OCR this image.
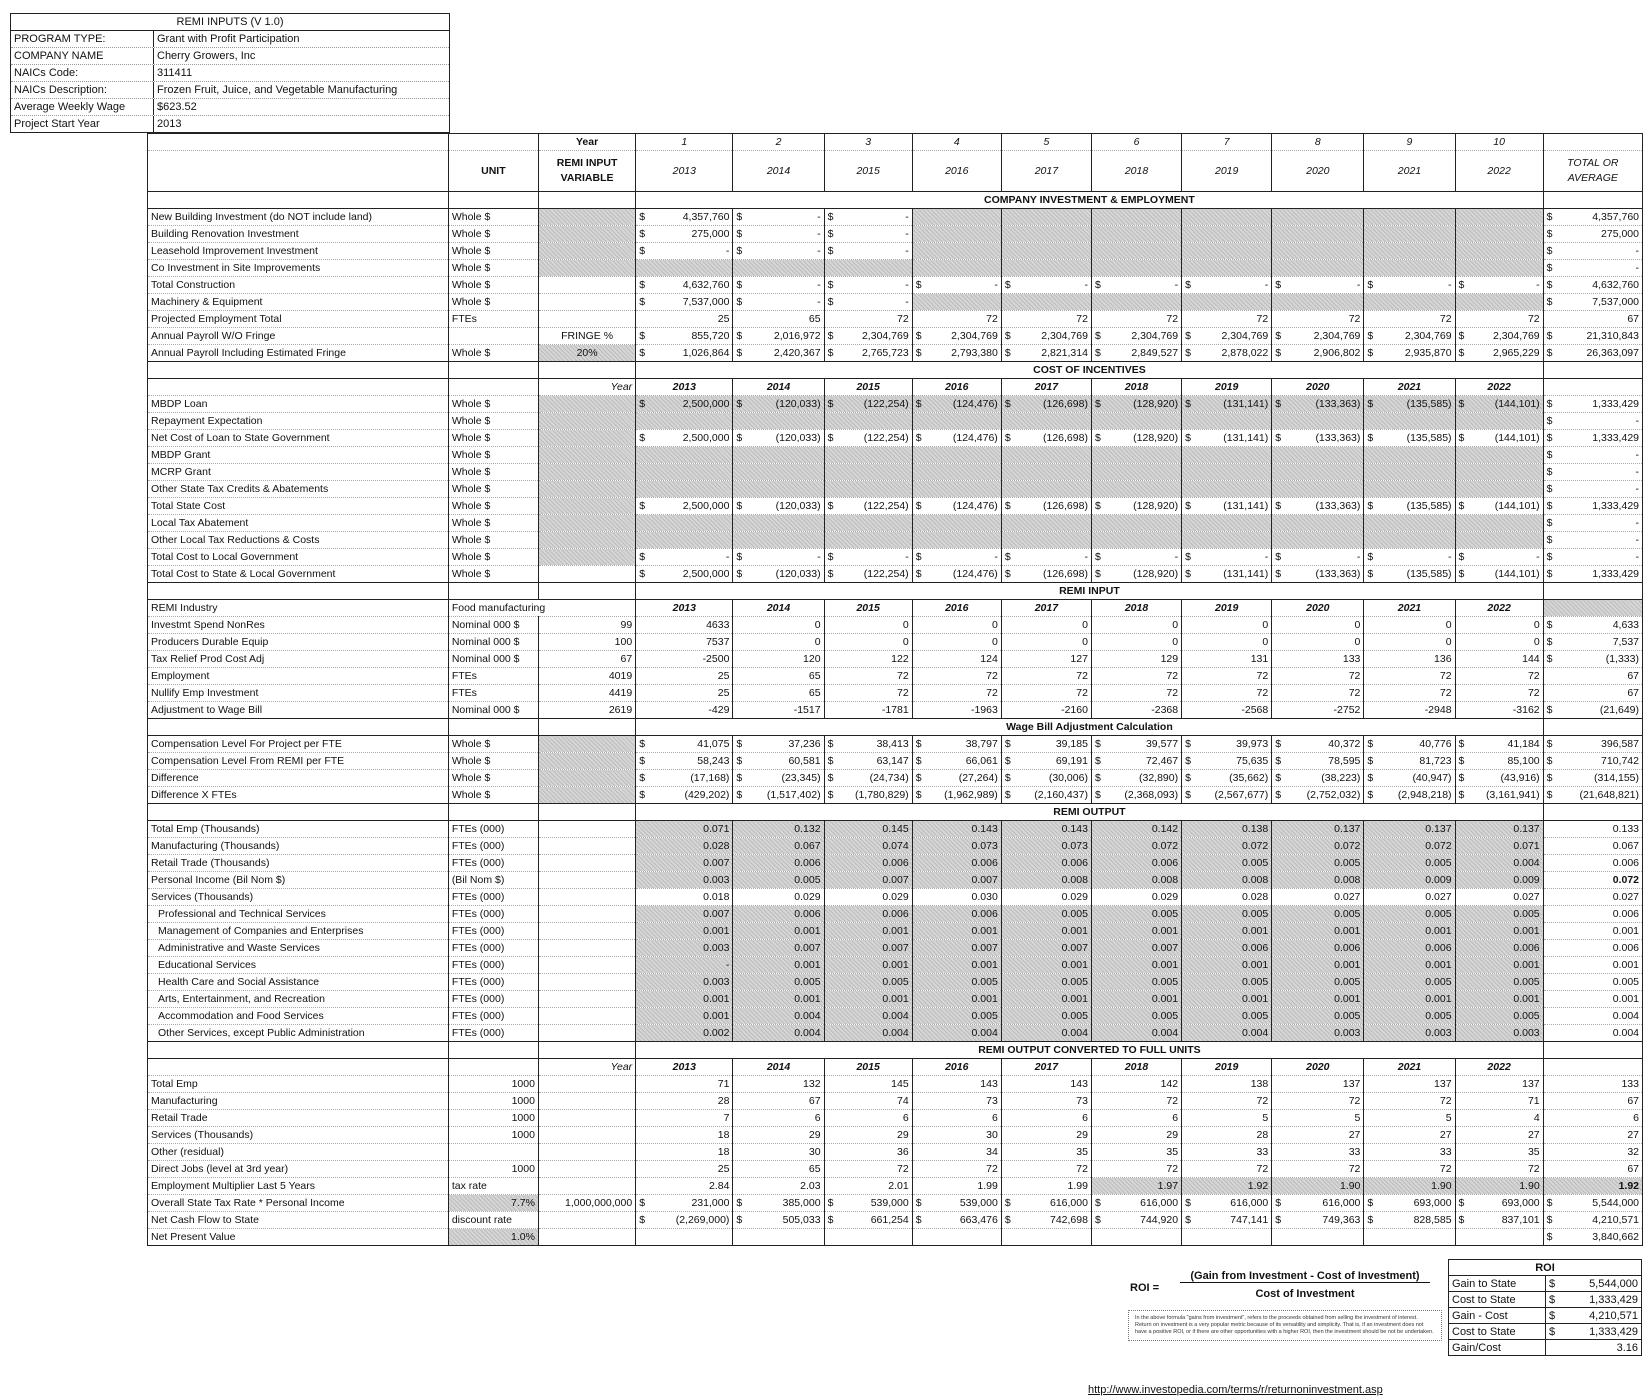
REMI INPUTS (V 1.0)
PROGRAM TYPE:	Grant with Profit Participation
COMPANY NAME	Cherry Growers, Inc
NAICs Code:	311411
NAICs Description:	Frozen Fruit, Juice, and Vegetable Manufacturing
Average Weekly Wage	$623.52
Project Start Year	2013
		Year	1	2	3	4	5	6	7	8	9	10	
	UNIT	REMI INPUT VARIABLE	2013	2014	2015	2016	2017	2018	2019	2020	2021	2022	TOTAL OR AVERAGE
			COMPANY INVESTMENT & EMPLOYMENT										
New Building Investment (do NOT include land)	Whole $		$ 4,357,760	$ -	$ -								$ 4,357,760

Building Renovation Investment	Whole $		$ 275,000	$ -	$ -								$ 275,000

Leasehold Improvement Investment	Whole $		$ -	$ -	$ -								$ -

Co Investment in Site Improvements	Whole $												$ -

Total Construction	Whole $		$ 4,632,760	$ -	$ -	$ -	$ -	$ -	$ -	$ -	$ -	$ -	$ 4,632,760

Machinery & Equipment	Whole $		$ 7,537,000	$ -	$ -								$ 7,537,000

Projected Employment Total	FTEs		25	65	72	72	72	72	72	72	72	72	67
Annual Payroll W/O Fringe		FRINGE %	$ 855,720	$ 2,016,972	$ 2,304,769	$ 2,304,769	$ 2,304,769	$ 2,304,769	$ 2,304,769	$ 2,304,769	$ 2,304,769	$ 2,304,769	$ 21,310,843

Annual Payroll Including Estimated Fringe	Whole $	20%	$ 1,026,864	$ 2,420,367	$ 2,765,723	$ 2,793,380	$ 2,821,314	$ 2,849,527	$ 2,878,022	$ 2,906,802	$ 2,935,870	$ 2,965,229	$ 26,363,097

			COST OF INCENTIVES										
		Year	2013	2014	2015	2016	2017	2018	2019	2020	2021	2022	
MBDP Loan	Whole $		$ 2,500,000	$ (120,033)	$ (122,254)	$ (124,476)	$ (126,698)	$ (128,920)	$ (131,141)	$ (133,363)	$ (135,585)	$ (144,101)	$ 1,333,429

Repayment Expectation	Whole $												$ -

Net Cost of Loan to State Government	Whole $		$ 2,500,000	$ (120,033)	$ (122,254)	$ (124,476)	$ (126,698)	$ (128,920)	$ (131,141)	$ (133,363)	$ (135,585)	$ (144,101)	$ 1,333,429

MBDP Grant	Whole $												$ -

MCRP Grant	Whole $												$ -

Other State Tax Credits & Abatements	Whole $												$ -

Total State Cost	Whole $		$ 2,500,000	$ (120,033)	$ (122,254)	$ (124,476)	$ (126,698)	$ (128,920)	$ (131,141)	$ (133,363)	$ (135,585)	$ (144,101)	$ 1,333,429

Local Tax Abatement	Whole $												$ -

Other Local Tax Reductions & Costs	Whole $												$ -

Total Cost to Local Government	Whole $		$ -	$ -	$ -	$ -	$ -	$ -	$ -	$ -	$ -	$ -	$ -

Total Cost to State & Local Government	Whole $		$ 2,500,000	$ (120,033)	$ (122,254)	$ (124,476)	$ (126,698)	$ (128,920)	$ (131,141)	$ (133,363)	$ (135,585)	$ (144,101)	$ 1,333,429

			REMI INPUT										
REMI Industry	Food manufacturing		2013	2014	2015	2016	2017	2018	2019	2020	2021	2022	
Investmt Spend NonRes	Nominal 000 $	99	4633	0	0	0	0	0	0	0	0	0	$ 4,633

Producers Durable Equip	Nominal 000 $	100	7537	0	0	0	0	0	0	0	0	0	$ 7,537

Tax Relief Prod Cost Adj	Nominal 000 $	67	-2500	120	122	124	127	129	131	133	136	144	$ (1,333)

Employment	FTEs	4019	25	65	72	72	72	72	72	72	72	72	67
Nullify Emp Investment	FTEs	4419	25	65	72	72	72	72	72	72	72	72	67
Adjustment to Wage Bill	Nominal 000 $	2619	-429	-1517	-1781	-1963	-2160	-2368	-2568	-2752	-2948	-3162	$ (21,649)

			Wage Bill Adjustment Calculation										
Compensation Level For Project per FTE	Whole $		$ 41,075	$ 37,236	$ 38,413	$ 38,797	$ 39,185	$ 39,577	$ 39,973	$ 40,372	$ 40,776	$ 41,184	$ 396,587

Compensation Level From REMI per FTE	Whole $		$ 58,243	$ 60,581	$ 63,147	$ 66,061	$ 69,191	$ 72,467	$ 75,635	$ 78,595	$ 81,723	$ 85,100	$ 710,742

Difference	Whole $		$ (17,168)	$ (23,345)	$ (24,734)	$ (27,264)	$ (30,006)	$ (32,890)	$ (35,662)	$ (38,223)	$ (40,947)	$ (43,916)	$ (314,155)

Difference X FTEs	Whole $		$ (429,202)	$ (1,517,402)	$ (1,780,829)	$ (1,962,989)	$ (2,160,437)	$ (2,368,093)	$ (2,567,677)	$ (2,752,032)	$ (2,948,218)	$ (3,161,941)	$ (21,648,821)

			REMI OUTPUT										
Total Emp (Thousands)	FTEs (000)		0.071	0.132	0.145	0.143	0.143	0.142	0.138	0.137	0.137	0.137	0.133
Manufacturing (Thousands)	FTEs (000)		0.028	0.067	0.074	0.073	0.073	0.072	0.072	0.072	0.072	0.071	0.067
Retail Trade (Thousands)	FTEs (000)		0.007	0.006	0.006	0.006	0.006	0.006	0.005	0.005	0.005	0.004	0.006
Personal Income (Bil Nom $)	(Bil Nom $)		0.003	0.005	0.007	0.007	0.008	0.008	0.008	0.008	0.009	0.009	0.072
Services (Thousands)	FTEs (000)		0.018	0.029	0.029	0.030	0.029	0.029	0.028	0.027	0.027	0.027	0.027
Professional and Technical Services	FTEs (000)		0.007	0.006	0.006	0.006	0.005	0.005	0.005	0.005	0.005	0.005	0.006
Management of Companies and Enterprises	FTEs (000)		0.001	0.001	0.001	0.001	0.001	0.001	0.001	0.001	0.001	0.001	0.001
Administrative and Waste Services	FTEs (000)		0.003	0.007	0.007	0.007	0.007	0.007	0.006	0.006	0.006	0.006	0.006
Educational Services	FTEs (000)		-	0.001	0.001	0.001	0.001	0.001	0.001	0.001	0.001	0.001	0.001
Health Care and Social Assistance	FTEs (000)		0.003	0.005	0.005	0.005	0.005	0.005	0.005	0.005	0.005	0.005	0.005
Arts, Entertainment, and Recreation	FTEs (000)		0.001	0.001	0.001	0.001	0.001	0.001	0.001	0.001	0.001	0.001	0.001
Accommodation and Food Services	FTEs (000)		0.001	0.004	0.004	0.005	0.005	0.005	0.005	0.005	0.005	0.005	0.004
Other Services, except Public Administration	FTEs (000)		0.002	0.004	0.004	0.004	0.004	0.004	0.004	0.003	0.003	0.003	0.004
			REMI OUTPUT CONVERTED TO FULL UNITS										
		Year	2013	2014	2015	2016	2017	2018	2019	2020	2021	2022	
Total Emp	1000		71	132	145	143	143	142	138	137	137	137	133
Manufacturing	1000		28	67	74	73	73	72	72	72	72	71	67
Retail Trade	1000		7	6	6	6	6	6	5	5	5	4	6
Services (Thousands)	1000		18	29	29	30	29	29	28	27	27	27	27
Other (residual)			18	30	36	34	35	35	33	33	33	35	32
Direct Jobs (level at 3rd year)	1000		25	65	72	72	72	72	72	72	72	72	67
Employment Multiplier Last 5 Years	tax rate		2.84	2.03	2.01	1.99	1.99	1.97	1.92	1.90	1.90	1.90	1.92
Overall State Tax Rate * Personal Income	7.7%	1,000,000,000	$ 231,000	$ 385,000	$ 539,000	$ 539,000	$ 616,000	$ 616,000	$ 616,000	$ 616,000	$ 693,000	$ 693,000	$ 5,544,000

Net Cash Flow to State	discount rate		$ (2,269,000)	$ 505,033	$ 661,254	$ 663,476	$ 742,698	$ 744,920	$ 747,141	$ 749,363	$ 828,585	$ 837,101	$ 4,210,571

Net Present Value	1.0%												$ 3,840,662
ROI =
(Gain from Investment - Cost of Investment)
Cost of Investment
In the above formula "gains from investment", refers to the proceeds obtained from selling the investment of interest. Return on investment is a very popular metric because of its versatility and simplicity. That is, if an investment does not have a positive ROI, or if there are other opportunities with a higher ROI, then the investment should be not be undertaken.
ROI		
Gain to State	$	5,544,000
Cost to State	$	1,333,429
Gain - Cost	$	4,210,571
Cost to State	$	1,333,429
Gain/Cost		3.16
http://www.investopedia.com/terms/r/returnoninvestment.asp
